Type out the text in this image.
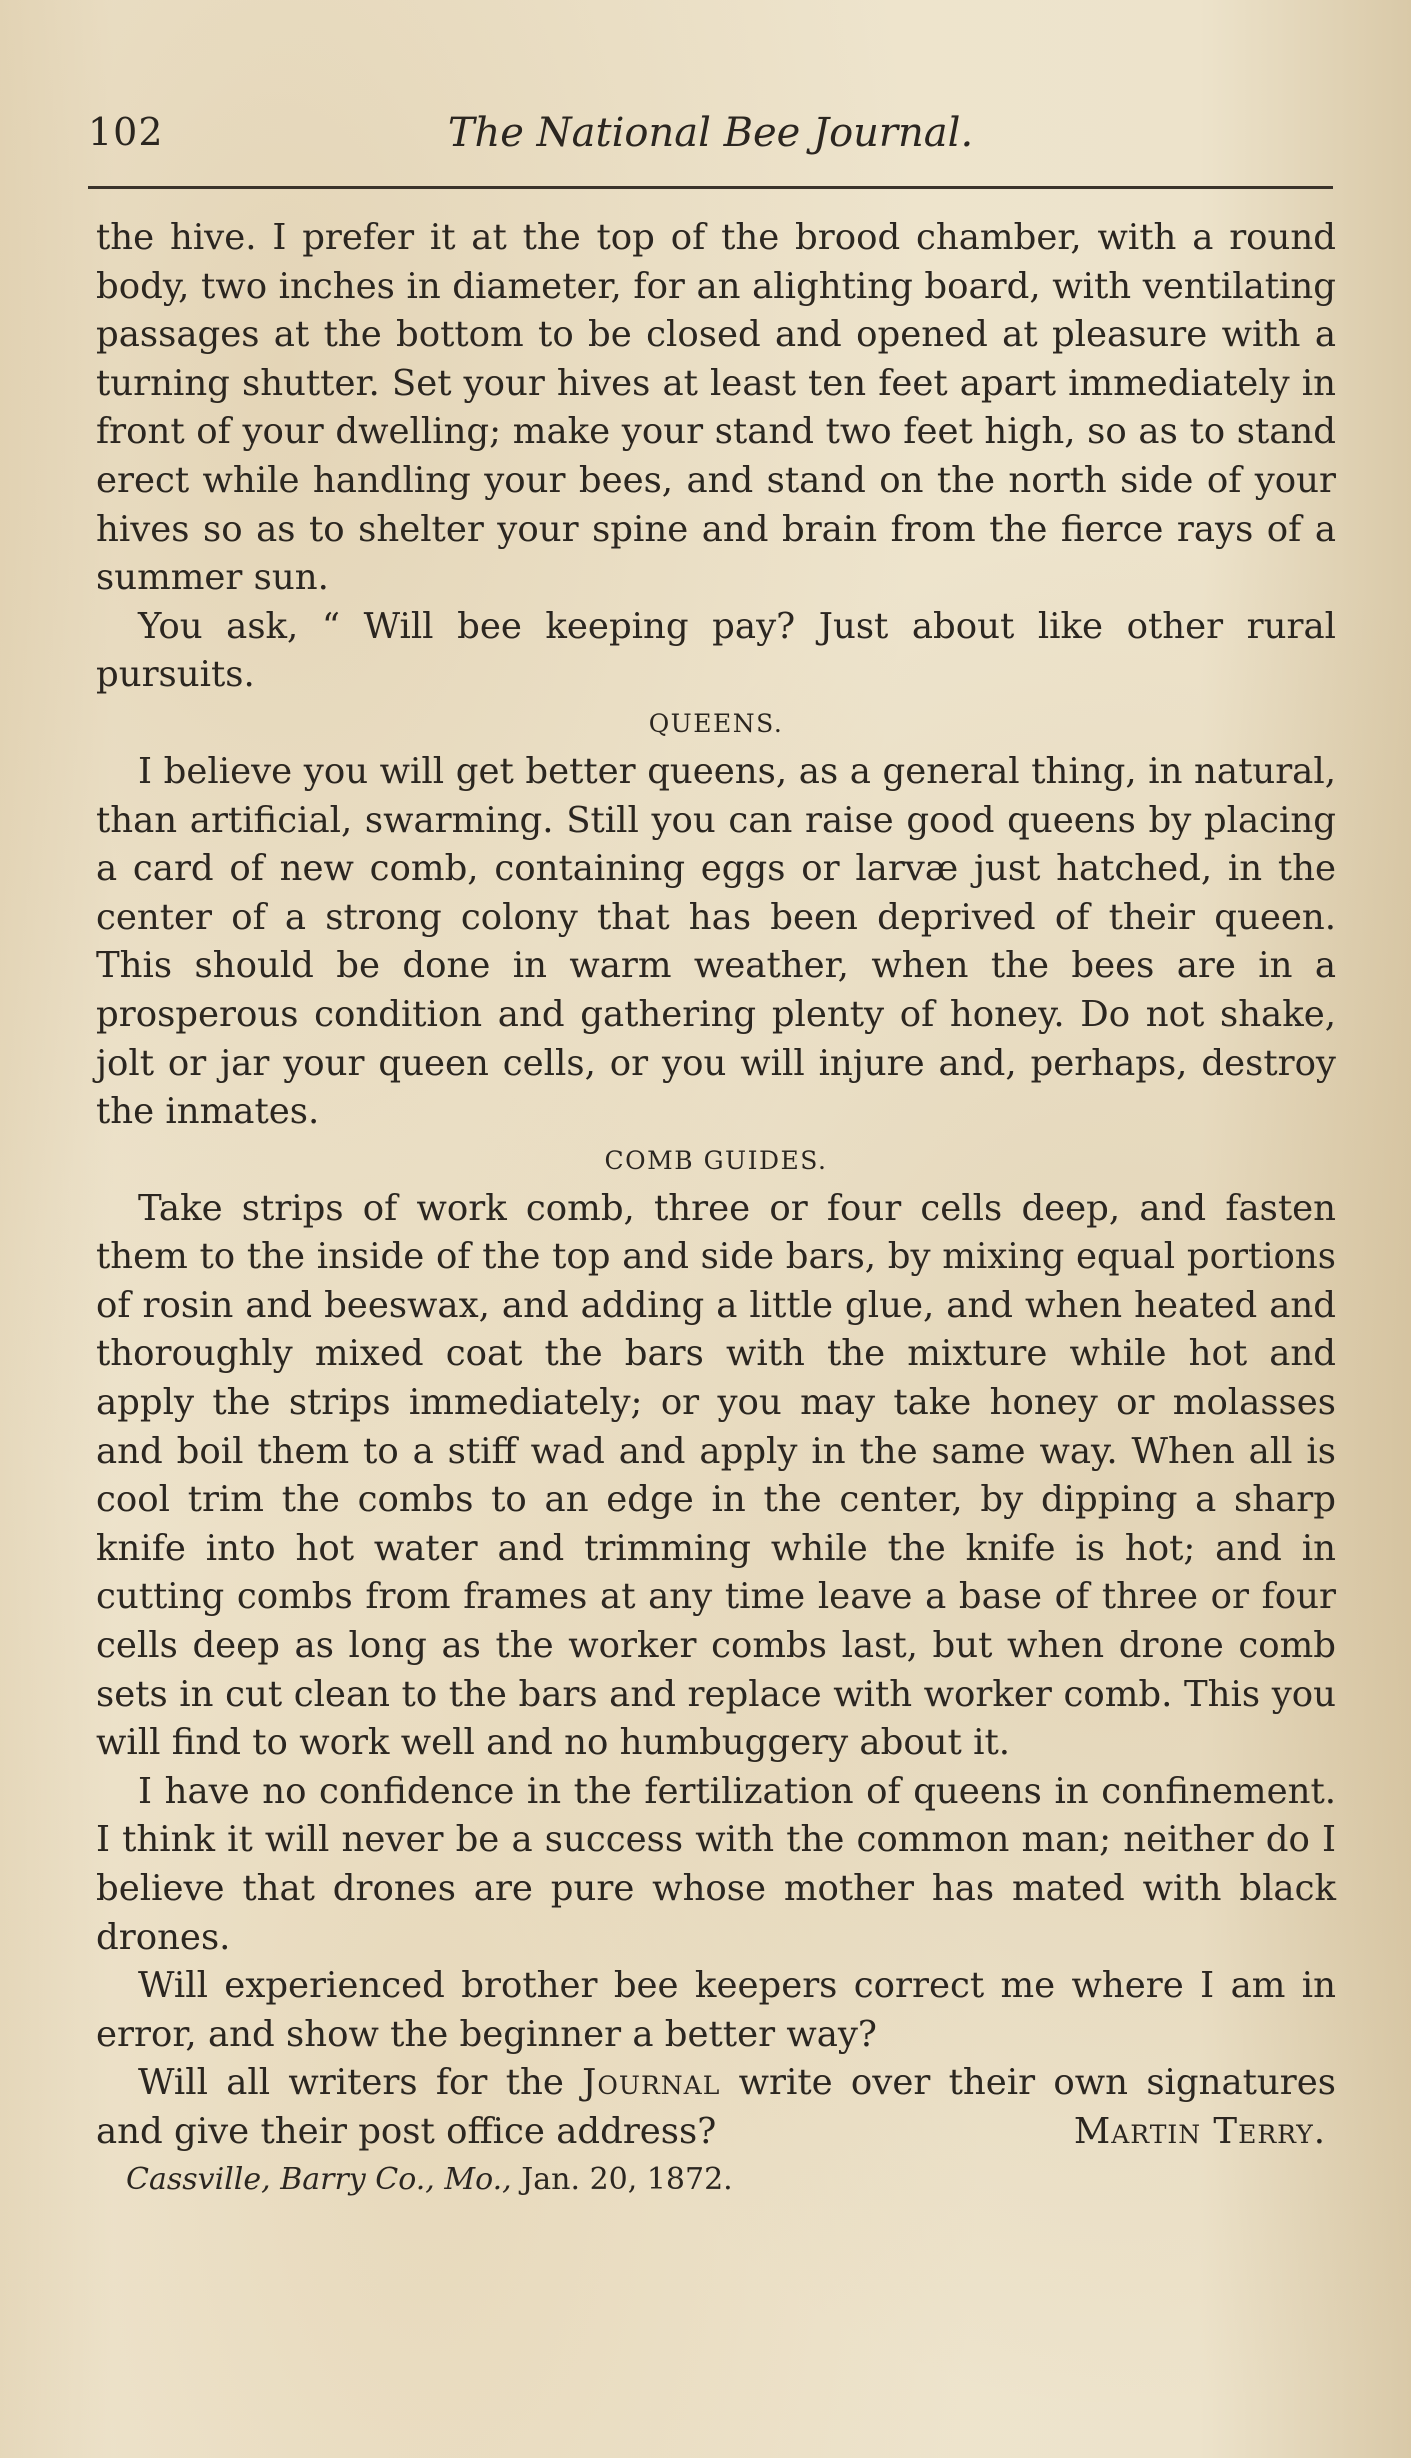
102	The National Bee Journal.

the hive. I prefer it at the top of the brood chamber, with a round body, two inches in diameter, for an alighting board, with ventilating passages at the bottom to be closed and opened at pleasure with a turning shutter. Set your hives at least ten feet apart immediately in front of your dwelling; make your stand two feet high, so as to stand erect while handling your bees, and stand on the north side of your hives so as to shelter your spine and brain from the fierce rays of a summer sun.

You ask, “ Will bee keeping pay? Just about like other rural pursuits.

QUEENS.

I believe you will get better queens, as a general thing, in natural, than artificial, swarming. Still you can raise good queens by placing a card of new comb, containing eggs or larvæ just hatched, in the center of a strong colony that has been deprived of their queen. This should be done in warm weather, when the bees are in a prosperous condition and gathering plenty of honey. Do not shake, jolt or jar your queen cells, or you will injure and, perhaps, destroy the inmates.

COMB GUIDES.

Take strips of work comb, three or four cells deep, and fasten them to the inside of the top and side bars, by mixing equal portions of rosin and beeswax, and adding a little glue, and when heated and thoroughly mixed coat the bars with the mixture while hot and apply the strips immediately; or you may take honey or molasses and boil them to a stiff wad and apply in the same way. When all is cool trim the combs to an edge in the center, by dipping a sharp knife into hot water and trimming while the knife is hot; and in cutting combs from frames at any time leave a base of three or four cells deep as long as the worker combs last, but when drone comb sets in cut clean to the bars and replace with worker comb. This you will find to work well and no humbuggery about it.

I have no confidence in the fertilization of queens in confinement. I think it will never be a success with the common man; neither do I believe that drones are pure whose mother has mated with black drones.

Will experienced brother bee keepers correct me where I am in error, and show the beginner a better way?

Will all writers for the Journal write over their own signatures and give their post office address?	Martin Terry.

Cassville, Barry Co., Mo., Jan. 20, 1872.
